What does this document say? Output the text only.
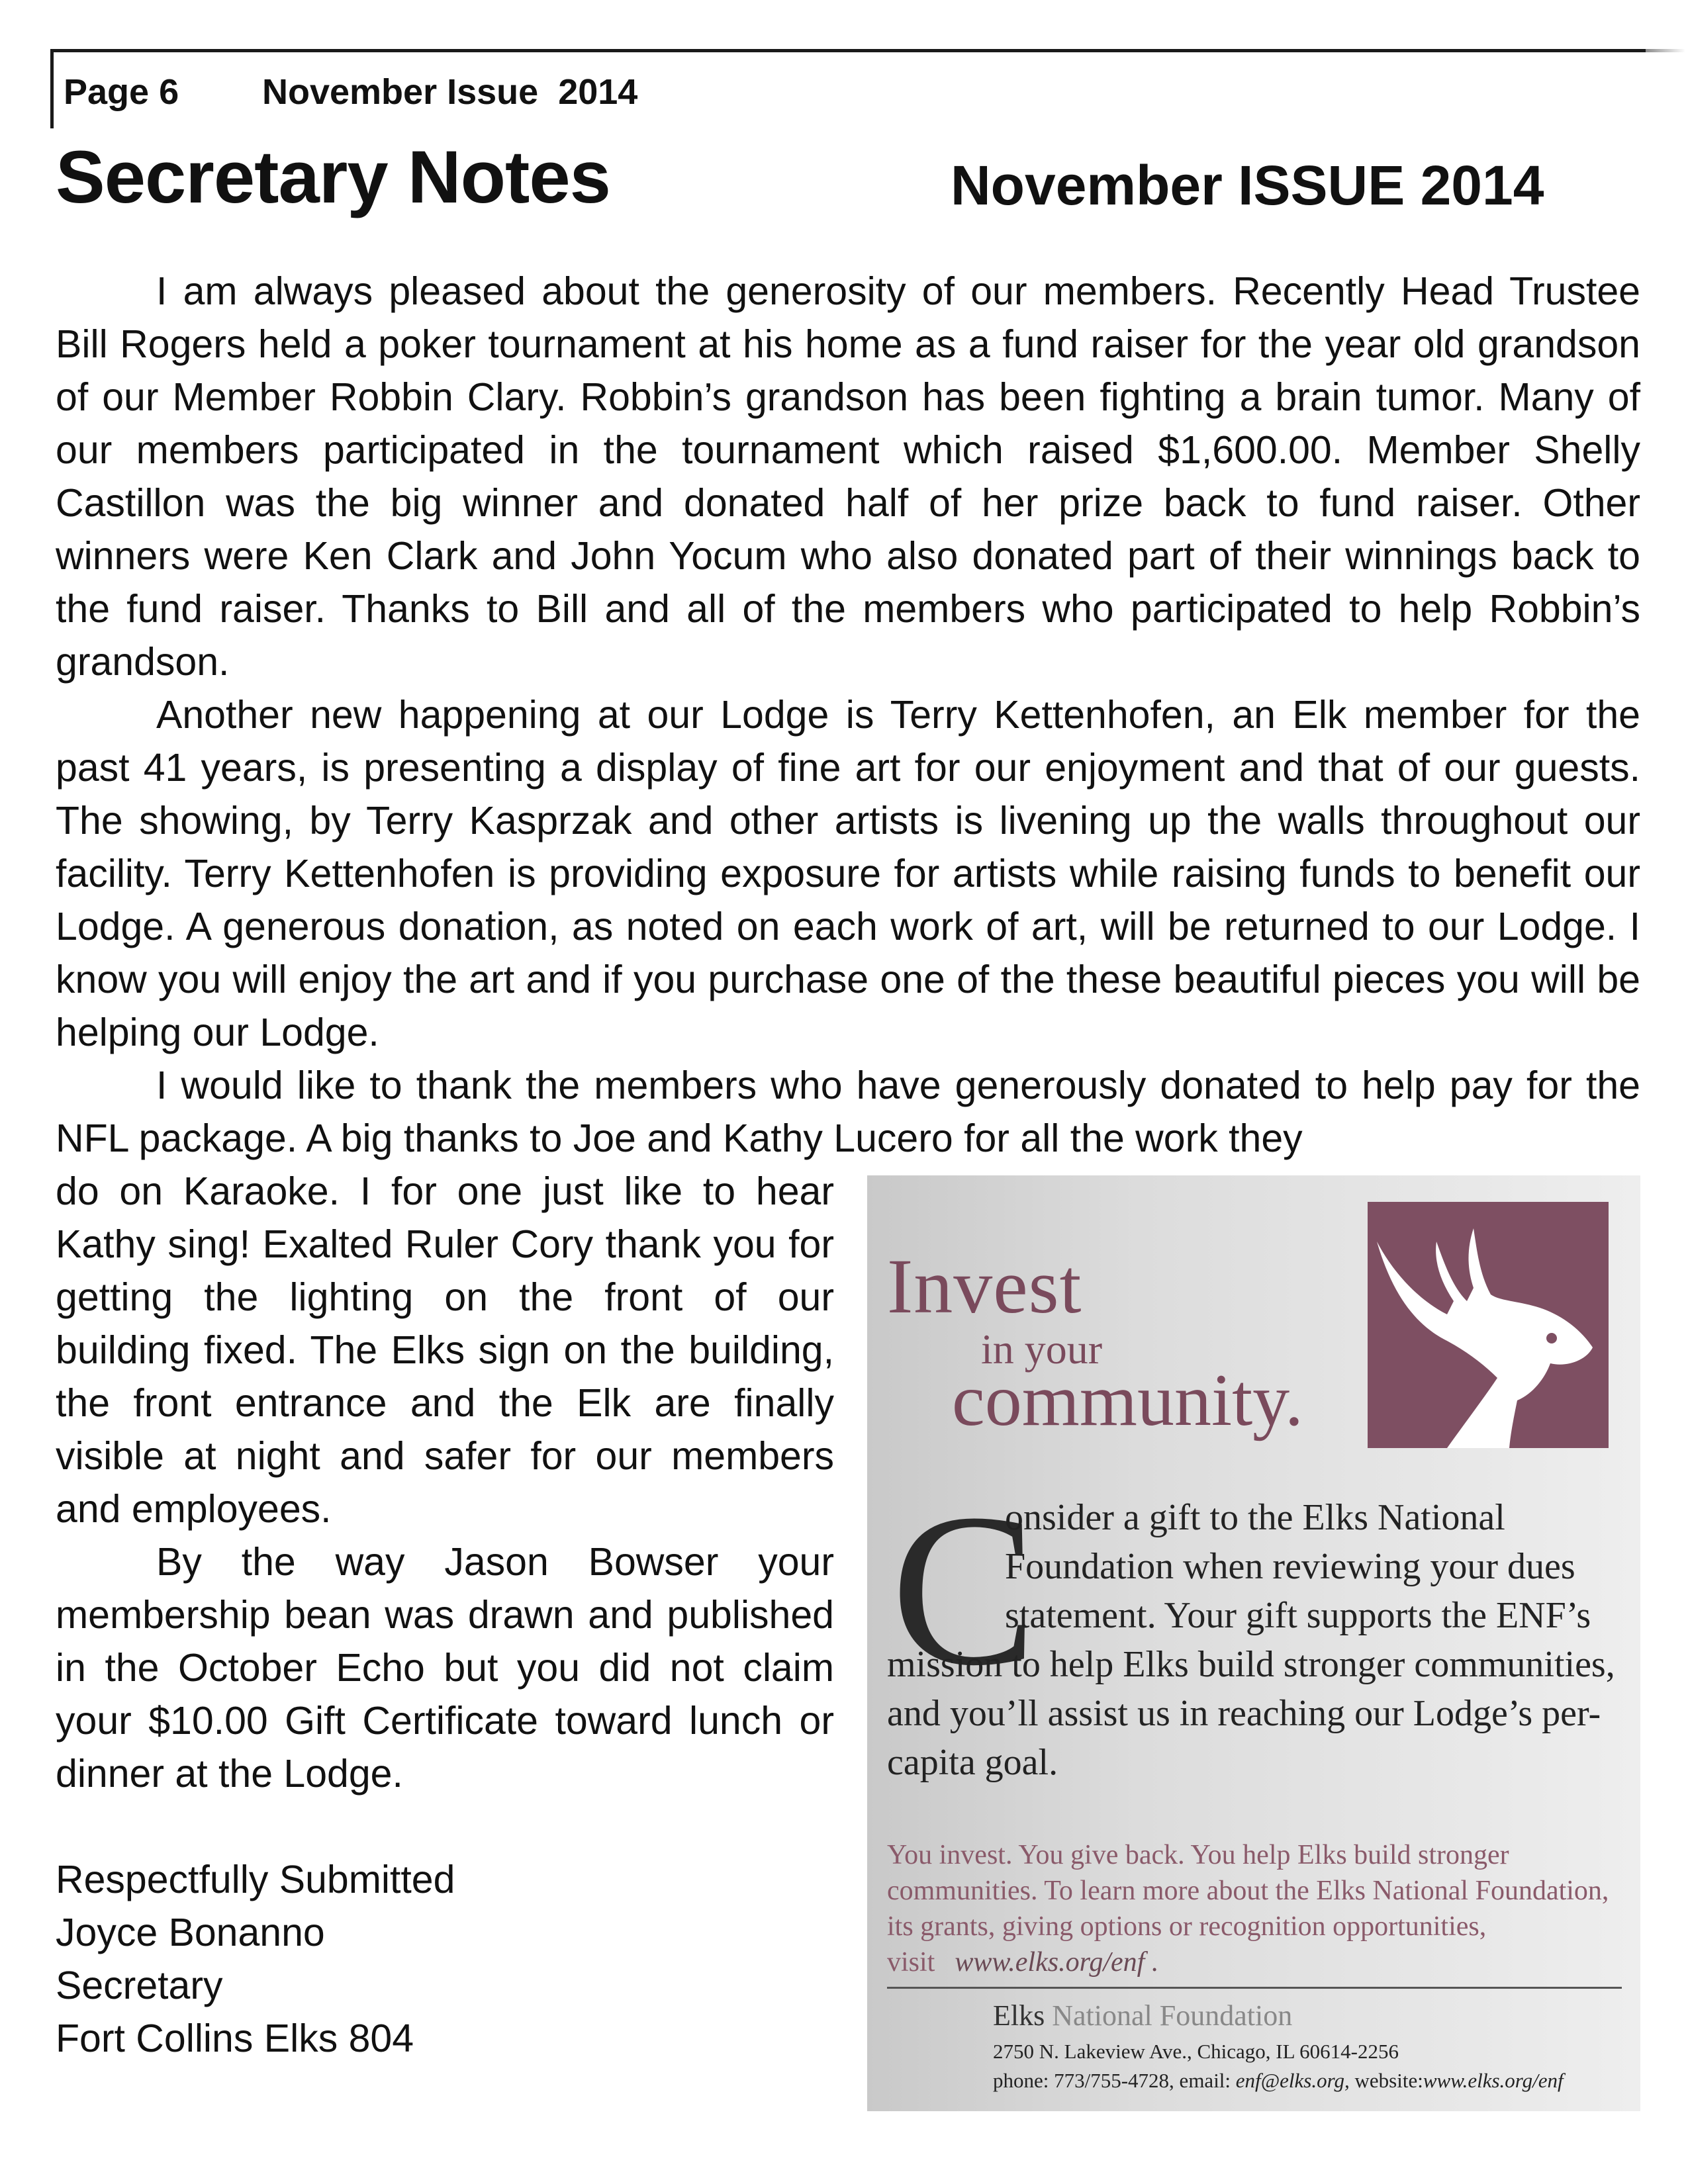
Page 6 November Issue  2014
Secretary Notes	November ISSUE 2014

I am always pleased about the generosity of our members. Recently Head Trustee Bill Rogers held a poker tournament at his home as a fund raiser for the year old grandson of our Member Robbin Clary. Robbin’s grandson has been fighting a brain tumor. Many of our members participated in the tournament which raised $1,600.00. Member Shelly Castillon was the big winner and donated half of her prize back to fund raiser. Other winners were Ken Clark and John Yocum who also donated part of their winnings back to the fund raiser. Thanks to Bill and all of the members who participated to help Robbin’s grandson.

Another new happening at our Lodge is Terry Kettenhofen, an Elk member for the past 41 years, is presenting a display of fine art for our enjoyment and that of our guests. The showing, by Terry Kasprzak and other artists is livening up the walls throughout our facility. Terry Kettenhofen is providing exposure for artists while raising funds to benefit our Lodge. A generous donation, as noted on each work of art, will be returned to our Lodge. I know you will enjoy the art and if you purchase one of the these beautiful pieces you will be helping our Lodge.

I would like to thank the members who have generously donated to help pay for the NFL package. A big thanks to Joe and Kathy Lucero for all the work they

do on Karaoke. I for one just like to hear Kathy sing! Exalted Ruler Cory thank you for getting the lighting on the front of our building fixed. The Elks sign on the building, the front entrance and the Elk are finally visible at night and safer for our members and employees.

By the way Jason Bowser your membership bean was drawn and published in the October Echo but you did not claim your $10.00 Gift Certificate toward lunch or dinner at the Lodge.

Respectfully Submitted
Joyce Bonanno
Secretary
Fort Collins Elks 804
Invest
in your
community.
C

onsider a gift to the Elks National Foundation when reviewing your dues statement. Your gift supports the ENF’s mission to help Elks build stronger communities, and you’ll assist us in reaching our Lodge’s per-capita goal.

You invest. You give back. You help Elks build stronger communities. To learn more about the Elks National Foundation, its grants, giving options or recognition opportunities, visit www.elks.org/enf .

Elks National Foundation
2750 N. Lakeview Ave., Chicago, IL 60614-2256
phone: 773/755-4728, email: enf@elks.org, website:www.elks.org/enf
